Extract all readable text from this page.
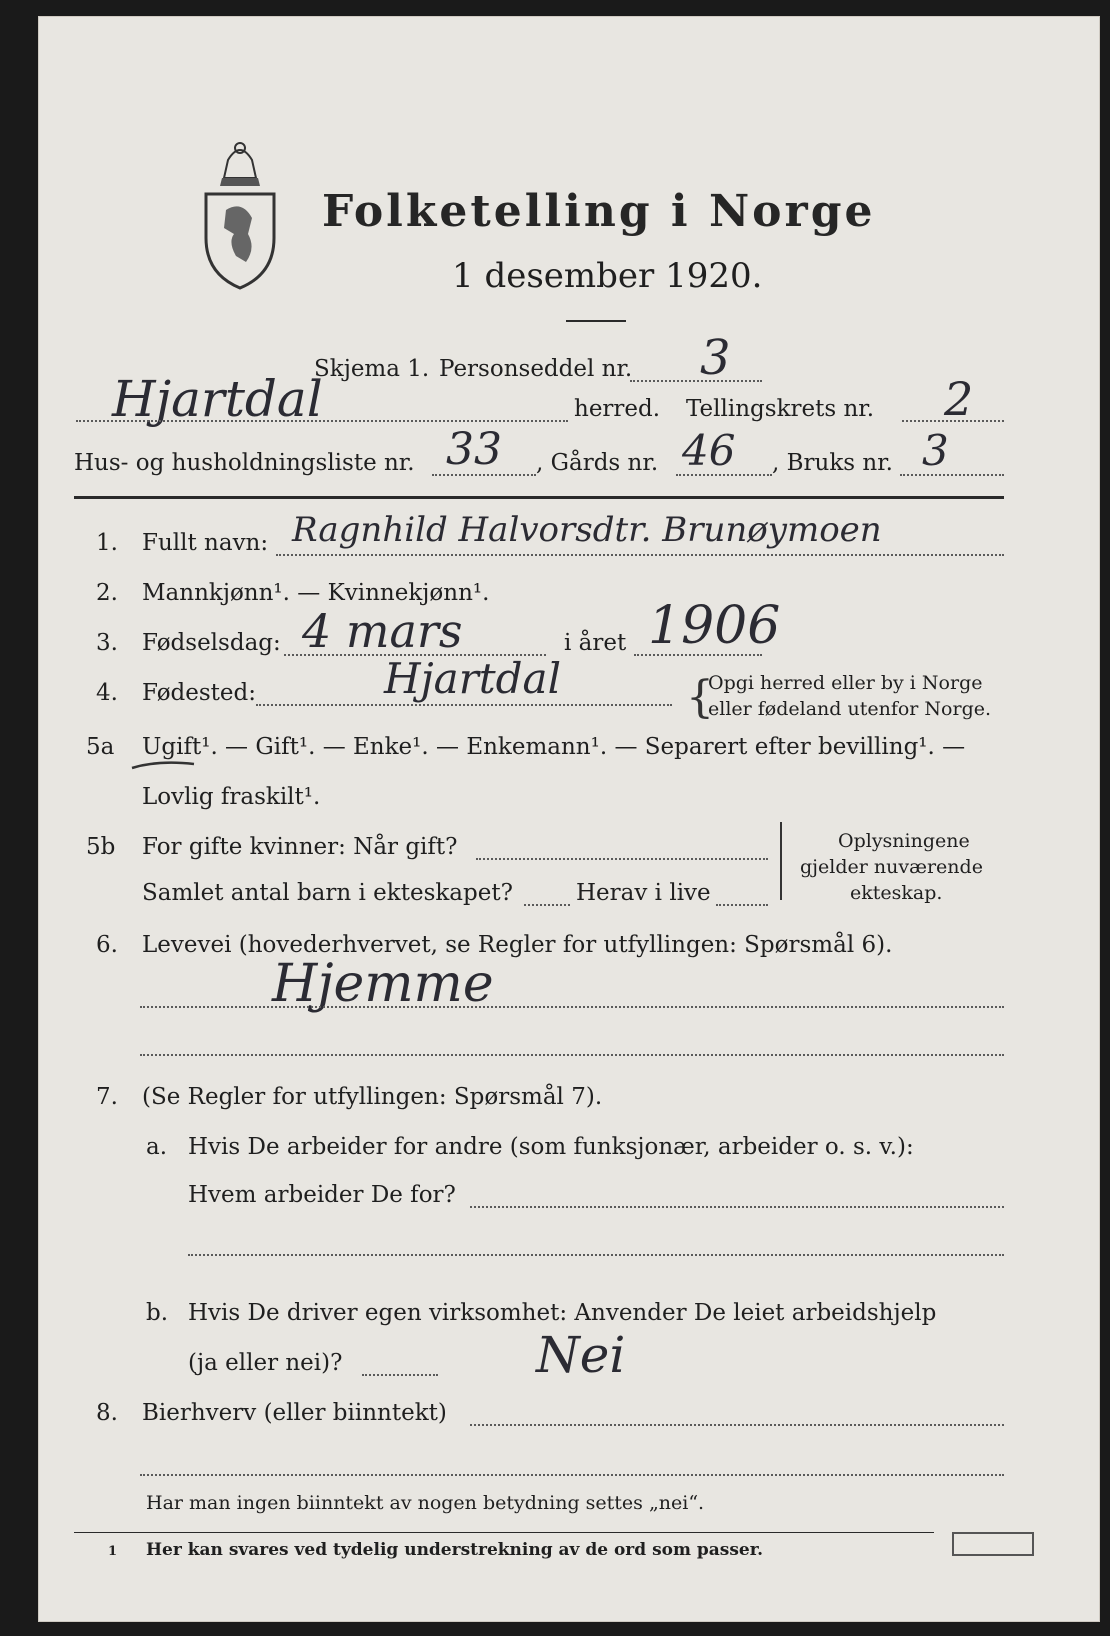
Folketelling i Norge
1 desember 1920.
Skjema 1. Personseddel nr. 3
Hjartdal	herred. Tellingskrets nr. 2
Hus- og husholdningsliste nr. 33 , Gårds nr. 46 , Bruks nr. 3
1. Fullt navn: Ragnhild Halvorsdtr. Brunøymoen
2. Mannkjønn¹. — Kvinnekjønn¹.
3. Fødselsdag: 4 mars	i året 1906
4. Fødested:	Hjartdal	{
Opgi herred eller by i Norge
eller fødeland utenfor Norge.
5a Ugift¹. — Gift¹. — Enke¹. — Enkemann¹. — Separert efter bevilling¹. —
Lovlig fraskilt¹.
5b For gifte kvinner: Når gift?
Samlet antal barn i ekteskapet?	Herav i live
Oplysningene
gjelder nuværende
ekteskap.
6. Levevei (hovederhvervet, se Regler for utfyllingen: Spørsmål 6).
Hjemme
7. (Se Regler for utfyllingen: Spørsmål 7).
a. Hvis De arbeider for andre (som funksjonær, arbeider o. s. v.):
Hvem arbeider De for?
b. Hvis De driver egen virksomhet: Anvender De leiet arbeidshjelp
(ja eller nei)?	Nei
8. Bierhverv (eller biinntekt)
Har man ingen biinntekt av nogen betydning settes „nei“.
1 Her kan svares ved tydelig understrekning av de ord som passer.
